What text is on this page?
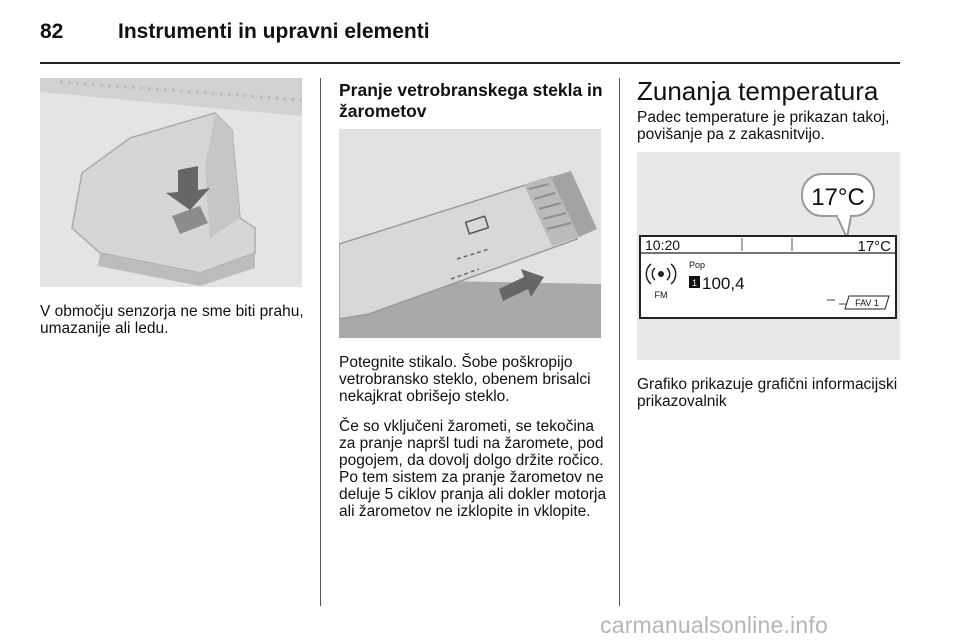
82	Instrumenti in upravni elementi
V območju senzorja ne sme biti prahu, umazanije ali ledu.
Pranje vetrobranskega stekla in žarometov
Potegnite stikalo. Šobe poškropijo vetrobransko steklo, obenem brisalci nekajkrat obrišejo steklo.
Če so vključeni žarometi, se tekočina za pranje napršl tudi na žaromete, pod pogojem, da dovolj dolgo držite ročico. Po tem sistem za pranje žarometov ne deluje 5 ciklov pranja ali dokler motorja ali žarometov ne izklopite in vklopite.
Zunanja temperatura
Padec temperature je prikazan takoj, povišanje pa z zakasnitvijo.
17°C
10:20	17°C
FM
Pop
1 100,4
FAV 1
Grafiko prikazuje grafični informacijski prikazovalnik
carmanualsonline.info
